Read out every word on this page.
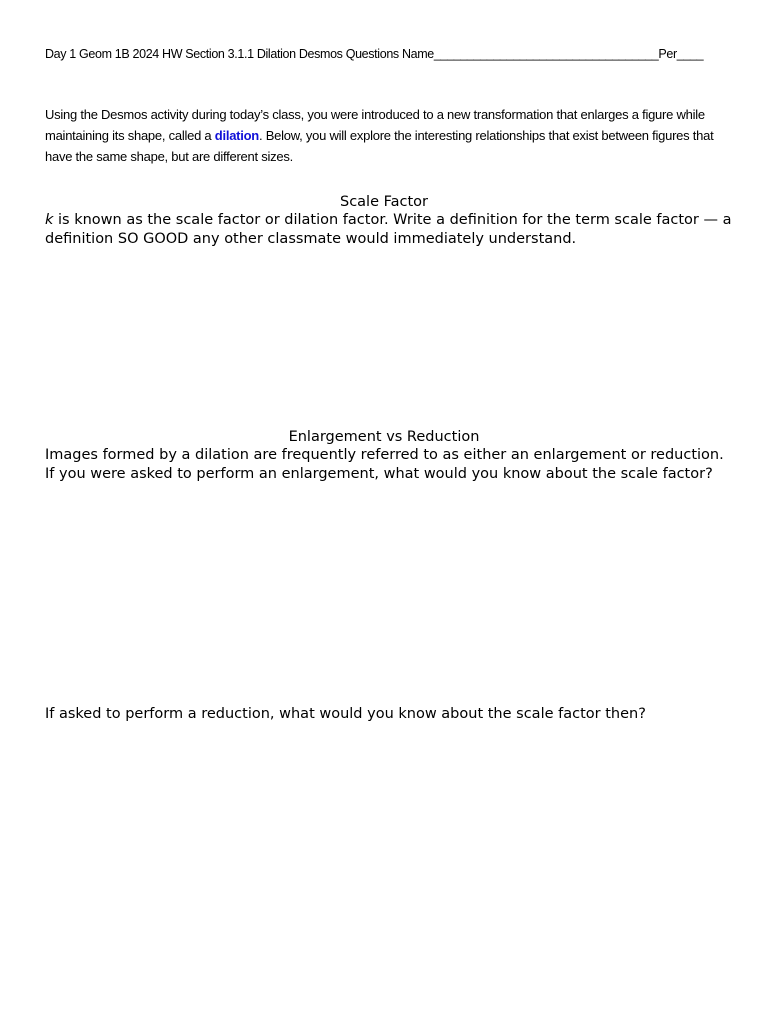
Day 1 Geom 1B 2024 HW Section 3.1.1 Dilation Desmos Questions Name__________________________________Per____
Using the Desmos activity during today’s class, you were introduced to a new transformation that enlarges a figure while maintaining its shape, called a dilation. Below, you will explore the interesting relationships that exist between figures that have the same shape, but are different sizes.
Scale Factor
k is known as the scale factor or dilation factor. Write a definition for the term scale factor — a definition SO GOOD any other classmate would immediately understand.
Enlargement vs Reduction
Images formed by a dilation are frequently referred to as either an enlargement or reduction. If you were asked to perform an enlargement, what would you know about the scale factor?
If asked to perform a reduction, what would you know about the scale factor then?
